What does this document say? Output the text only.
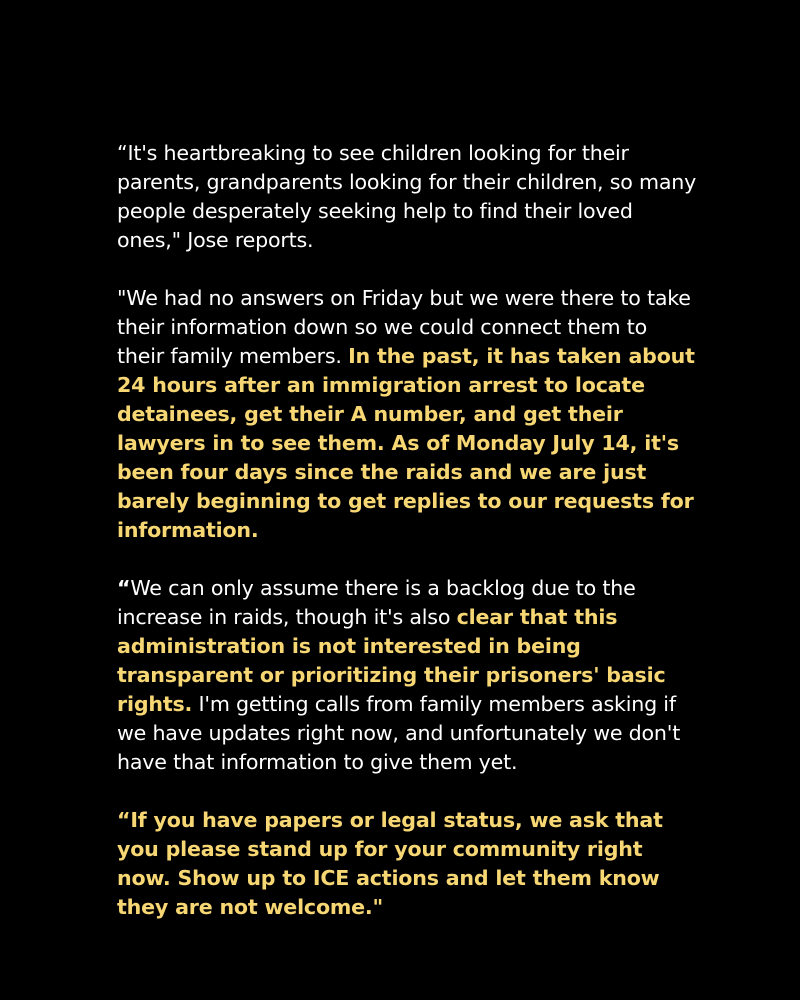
“It's heartbreaking to see children looking for their parents, grandparents looking for their children, so many people desperately seeking help to find their loved ones," Jose reports.

"We had no answers on Friday but we were there to take their information down so we could connect them to their family members. In the past, it has taken about 24 hours after an immigration arrest to locate detainees, get their A number, and get their lawyers in to see them. As of Monday July 14, it's been four days since the raids and we are just barely beginning to get replies to our requests for information.

“We can only assume there is a backlog due to the increase in raids, though it's also clear that this administration is not interested in being transparent or prioritizing their prisoners' basic rights. I'm getting calls from family members asking if we have updates right now, and unfortunately we don't have that information to give them yet.

“If you have papers or legal status, we ask that you please stand up for your community right now. Show up to ICE actions and let them know they are not welcome."
